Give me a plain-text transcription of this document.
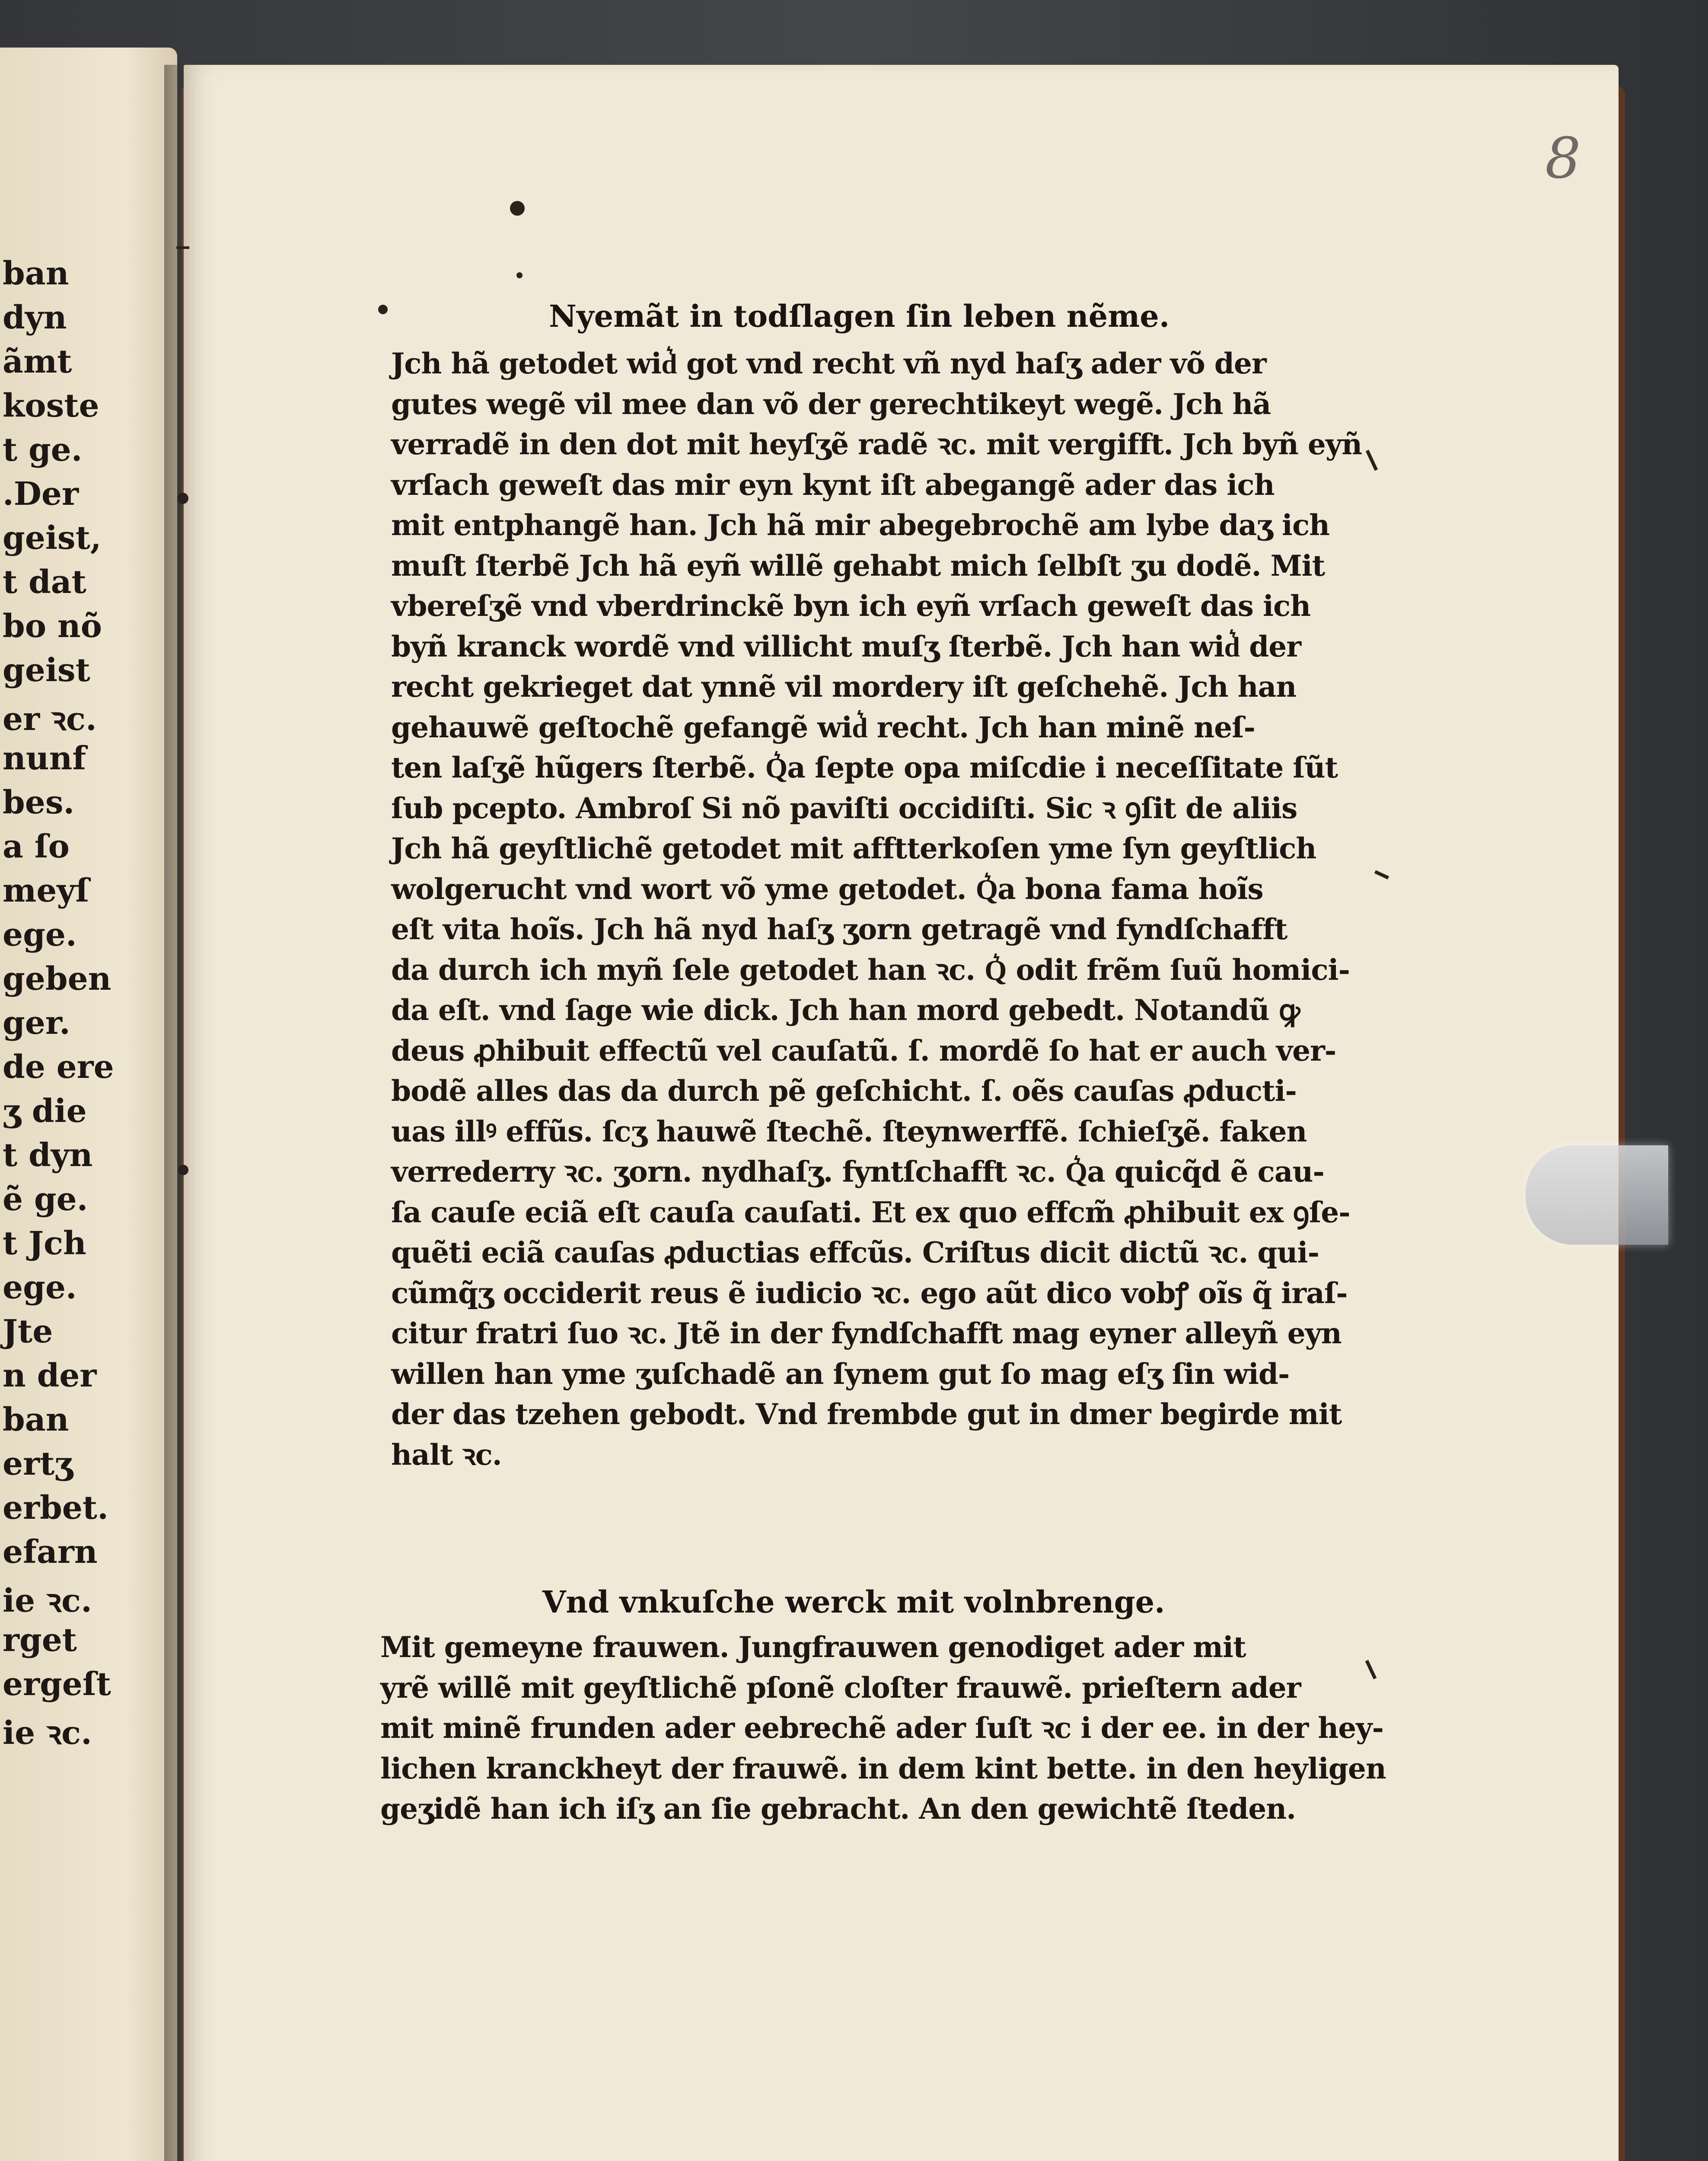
ban
dyn
ãmt
koste
t ge.
.Der
geist,
t dat
bo nõ
geist
er ꝛc.
nunf
bes.
a ſo
meyſ
ege.
geben
ger.
de ere
ʒ die
t dyn
ẽ ge.
t Jch
ege.
Jte
n der
ban
ertʒ
erbet.
efarn
ie ꝛc.
rget
ergeſt
ie ꝛc.
8
Nyemãt in todſlagen ſin leben nẽme.
Jch hã getodet wid͛ got vnd recht vñ nyd haſʒ ader võ der
gutes wegẽ vil mee dan võ der gerechtikeyt wegẽ. Jch hã
verradẽ in den dot mit heyſʒẽ radẽ ꝛc. mit vergifft. Jch byñ eyñ
vrſach geweſt das mir eyn kynt iſt abegangẽ ader das ich
mit entphangẽ han. Jch hã mir abegebrochẽ am lybe daʒ ich
muſt ſterbẽ Jch hã eyñ willẽ gehabt mich ſelbſt ʒu dodẽ. Mit
vbereſʒẽ vnd vberdrinckẽ byn ich eyñ vrſach geweſt das ich
byñ kranck wordẽ vnd villicht muſʒ ſterbẽ. Jch han wid͛ der
recht gekrieget dat ynnẽ vil mordery iſt geſchehẽ. Jch han
gehauwẽ geſtochẽ gefangẽ wid͛ recht. Jch han minẽ neſ-
ten laſʒẽ hũgers ſterbẽ. Q͛a ſepte opa miſcdie i neceſſitate ſũt
ſub pcepto. Ambroſ Si nõ paviſti occidiſti. Sic ꝛ ꝯſit de aliis
Jch hã geyſtlichẽ getodet mit afftterkoſen yme ſyn geyſtlich
wolgerucht vnd wort võ yme getodet. Q͛a bona fama hoĩs
eſt vita hoĩs. Jch hã nyd haſʒ ʒorn getragẽ vnd fyndſchafft
da durch ich myñ ſele getodet han ꝛc. Q͛ odit frẽm ſuũ homici-
da eſt. vnd ſage wie dick. Jch han mord gebedt. Notandũ ꝙ
deus ꝓhibuit effectũ vel cauſatũ. ſ. mordẽ ſo hat er auch ver-
bodẽ alles das da durch pẽ geſchicht. ſ. oẽs cauſas ꝓducti-
uas illꝰ effũs. ſcʒ hauwẽ ſtechẽ. ſteynwerffẽ. ſchieſʒẽ. faken
verrederry ꝛc. ʒorn. nydhaſʒ. fyntſchafft ꝛc. Q͛a quicq̃d ẽ cau-
ſa cauſe eciã eſt cauſa cauſati. Et ex quo effcm̃ ꝓhibuit ex ꝯſe-
quẽti eciã cauſas ꝓductias effcũs. Criſtus dicit dictũ ꝛc. qui-
cũmq̃ʒ occiderit reus ẽ iudicio ꝛc. ego aũt dico vobꝭ oĩs q̃ iraſ-
citur fratri ſuo ꝛc. Jtẽ in der fyndſchafft mag eyner alleyñ eyn
willen han yme ʒuſchadẽ an ſynem gut ſo mag eſʒ ſin wid-
der das tzehen gebodt. Vnd frembde gut in dmer begirde mit
halt ꝛc.
Vnd vnkuſche werck mit volnbrenge.
Mit gemeyne frauwen. Jungfrauwen genodiget ader mit
yrẽ willẽ mit geyſtlichẽ pſonẽ cloſter frauwẽ. prieſtern ader
mit minẽ frunden ader eebrechẽ ader ſuſt ꝛc i der ee. in der hey-
lichen kranckheyt der frauwẽ. in dem kint bette. in den heyligen
geʒidẽ han ich iſʒ an ſie gebracht. An den gewichtẽ ſteden.
